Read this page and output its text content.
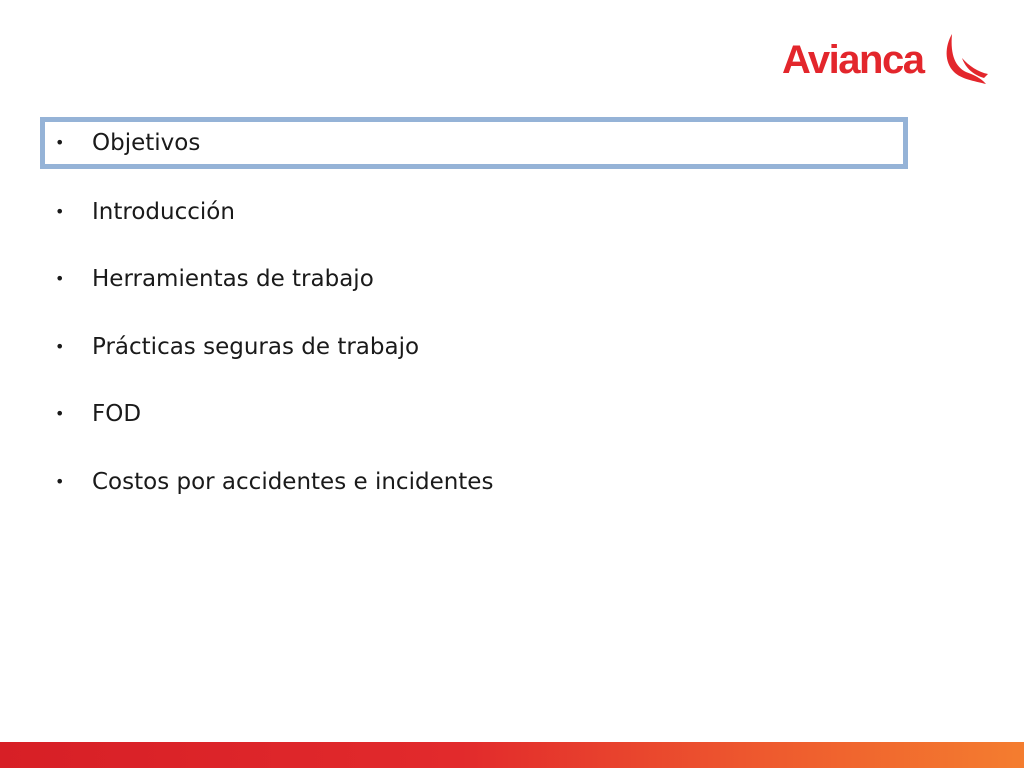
Avianca
• Objetivos
• Introducción
• Herramientas de trabajo
• Prácticas seguras de trabajo
• FOD
• Costos por accidentes e incidentes
